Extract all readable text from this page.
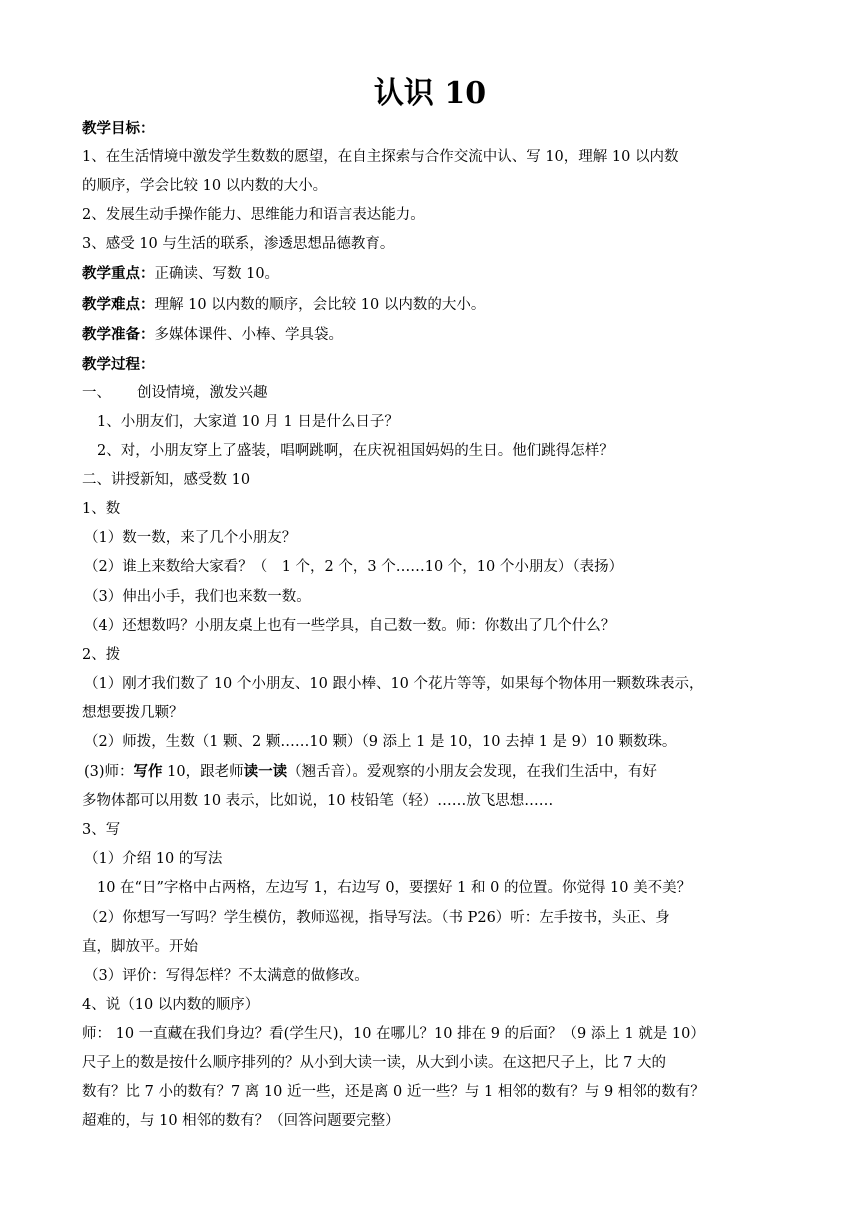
认识 10
教学目标：
1、在生活情境中激发学生数数的愿望，在自主探索与合作交流中认、写 10，理解 10 以内数
的顺序，学会比较 10 以内数的大小。
2、发展生动手操作能力、思维能力和语言表达能力。
3、感受 10 与生活的联系，渗透思想品德教育。
教学重点：正确读、写数 10。
教学难点：理解 10 以内数的顺序，会比较 10 以内数的大小。
教学准备：多媒体课件、小棒、学具袋。
教学过程：
一、 创设情境，激发兴趣
1、小朋友们，大家道 10 月 1 日是什么日子？
2、对，小朋友穿上了盛装，唱啊跳啊，在庆祝祖国妈妈的生日。他们跳得怎样？
二、讲授新知，感受数 10
1、数
（1）数一数，来了几个小朋友？
（2）谁上来数给大家看？（　1 个，2 个，3 个……10 个，10 个小朋友）（表扬）
（3）伸出小手，我们也来数一数。
（4）还想数吗？小朋友桌上也有一些学具，自己数一数。师：你数出了几个什么？
2、拨
（1）刚才我们数了 10 个小朋友、10 跟小棒、10 个花片等等，如果每个物体用一颗数珠表示，
想想要拨几颗？
（2）师拨，生数（1 颗、2 颗……10 颗）（9 添上 1 是 10，10 去掉 1 是 9）10 颗数珠。
(3)师：写作 10，跟老师读一读（翘舌音）。爱观察的小朋友会发现，在我们生活中，有好
多物体都可以用数 10 表示，比如说，10 枝铅笔（轻）……放飞思想……
3、写
（1）介绍 10 的写法
10 在“日”字格中占两格，左边写 1，右边写 0，要摆好 1 和 0 的位置。你觉得 10 美不美？
（2）你想写一写吗？学生模仿，教师巡视，指导写法。（书 P26）听：左手按书，头正、身
直，脚放平。开始
（3）评价：写得怎样？不太满意的做修改。
4、说（10 以内数的顺序）
师： 10 一直藏在我们身边？看(学生尺)，10 在哪儿？10 排在 9 的后面？（9 添上 1 就是 10）
尺子上的数是按什么顺序排列的？从小到大读一读，从大到小读。在这把尺子上，比 7 大的
数有？比 7 小的数有？7 离 10 近一些，还是离 0 近一些？与 1 相邻的数有？与 9 相邻的数有？
超难的，与 10 相邻的数有？（回答问题要完整）
